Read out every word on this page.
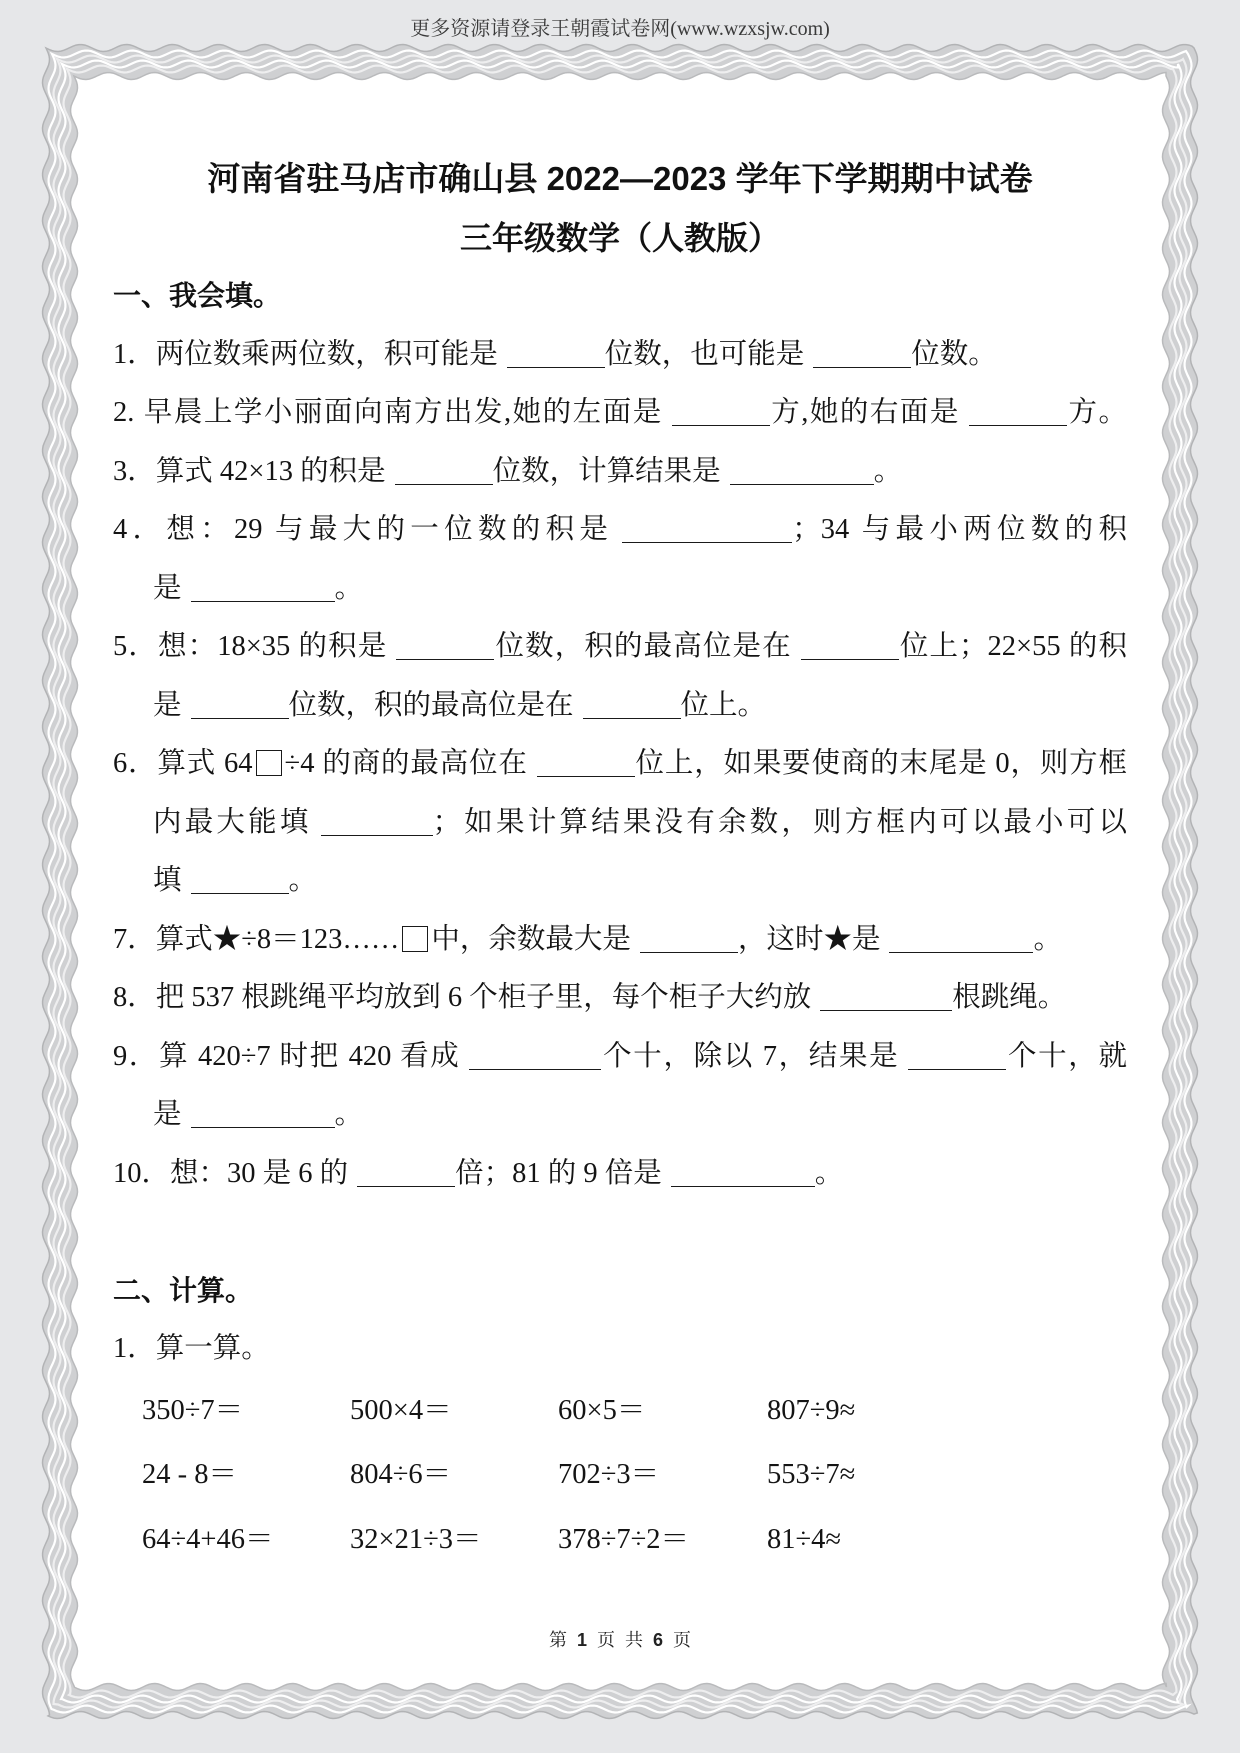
更多资源请登录王朝霞试卷网(www.wzxsjw.com)
河南省驻马店市确山县 2022—2023 学年下学期期中试卷
三年级数学（人教版）
一、我会填。
1．两位数乘两位数，积可能是	位数，也可能是	位数。
2. 早晨上学小丽面向南方出发,她的左面是	方,她的右面是	方。
3．算式 42×13 的积是	位数，计算结果是	。
4．想：29 与最大的一位数的积是	；34 与最小两位数的积
是	。
5．想：18×35 的积是	位数，积的最高位是在	位上；22×55 的积
是	位数，积的最高位是在	位上。
6．算式 64 ÷4 的商的最高位在	位上，如果要使商的末尾是 0，则方框
内最大能填	；如果计算结果没有余数，则方框内可以最小可以
填	。
7．算式★÷8＝123…… 中，余数最大是	，这时★是	。
8．把 537 根跳绳平均放到 6 个柜子里，每个柜子大约放	根跳绳。
9．算 420÷7 时把 420 看成	个十，除以 7，结果是	个十，就
是	。
10．想：30 是 6 的	倍；81 的 9 倍是	。
二、计算。
1．算一算。
350÷7＝	500×4＝	60×5＝	807÷9≈
24 - 8＝	804÷6＝	702÷3＝	553÷7≈
64÷4+46＝	32×21÷3＝	378÷7÷2＝	81÷4≈
第 1 页 共 6 页
